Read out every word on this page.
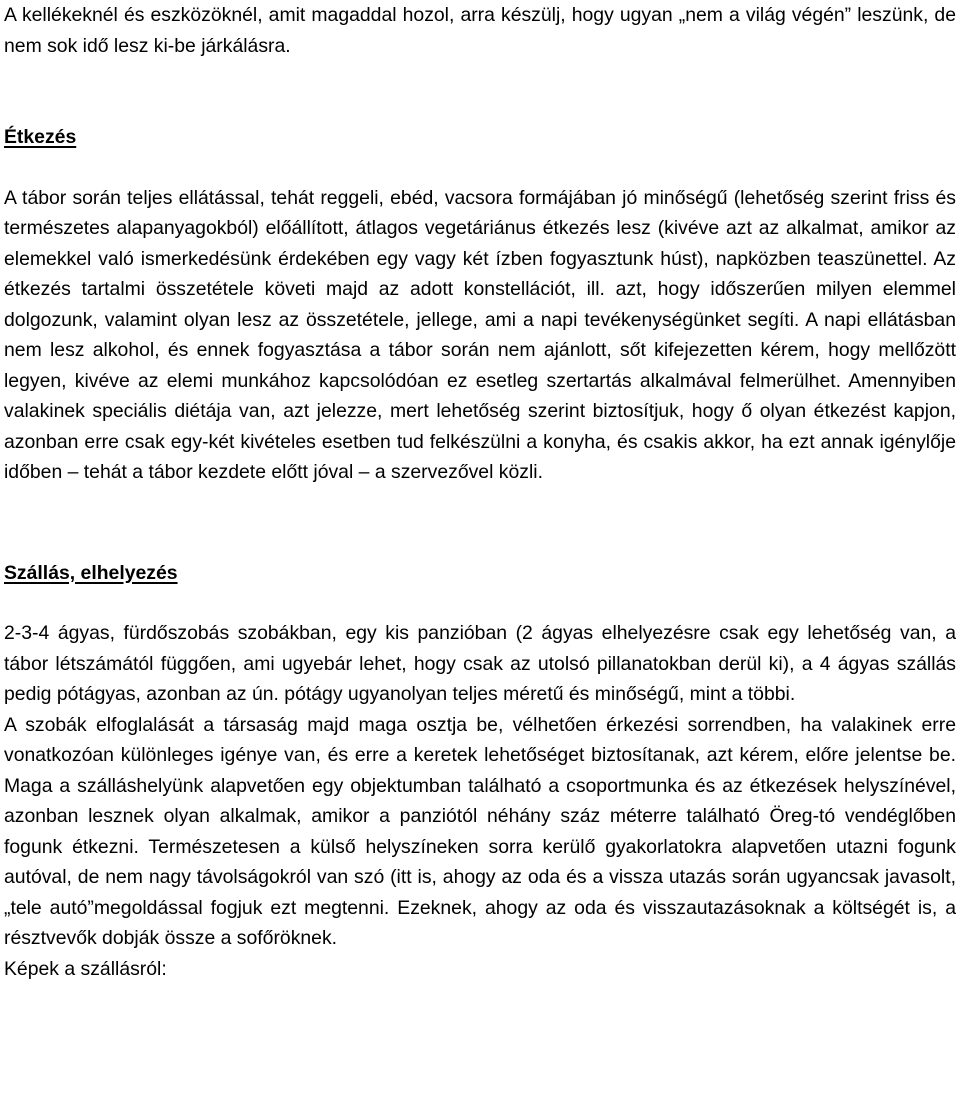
A kellékeknél és eszközöknél, amit magaddal hozol, arra készülj, hogy ugyan „nem a világ végén” leszünk, de nem sok idő lesz ki-be járkálásra.

Étkezés

A tábor során teljes ellátással, tehát reggeli, ebéd, vacsora formájában jó minőségű (lehetőség szerint friss és természetes alapanyagokból) előállított, átlagos vegetáriánus étkezés lesz (kivéve azt az alkalmat, amikor az elemekkel való ismerkedésünk érdekében egy vagy két ízben fogyasztunk húst), napközben teaszünettel. Az étkezés tartalmi összetétele követi majd az adott konstellációt, ill. azt, hogy időszerűen milyen elemmel dolgozunk, valamint olyan lesz az összetétele, jellege, ami a napi tevékenységünket segíti. A napi ellátásban nem lesz alkohol, és ennek fogyasztása a tábor során nem ajánlott, sőt kifejezetten kérem, hogy mellőzött legyen, kivéve az elemi munkához kapcsolódóan ez esetleg szertartás alkalmával felmerülhet. Amennyiben valakinek speciális diétája van, azt jelezze, mert lehetőség szerint biztosítjuk, hogy ő olyan étkezést kapjon, azonban erre csak egy-két kivételes esetben tud felkészülni a konyha, és csakis akkor, ha ezt annak igénylője időben – tehát a tábor kezdete előtt jóval – a szervezővel közli.

Szállás, elhelyezés

2-3-4 ágyas, fürdőszobás szobákban, egy kis panzióban (2 ágyas elhelyezésre csak egy lehetőség van, a tábor létszámától függően, ami ugyebár lehet, hogy csak az utolsó pillanatokban derül ki), a 4 ágyas szállás pedig pótágyas, azonban az ún. pótágy ugyanolyan teljes méretű és minőségű, mint a többi.

A szobák elfoglalását a társaság majd maga osztja be, vélhetően érkezési sorrendben, ha valakinek erre vonatkozóan különleges igénye van, és erre a keretek lehetőséget biztosítanak, azt kérem, előre jelentse be. Maga a szálláshelyünk alapvetően egy objektumban található a csoportmunka és az étkezések helyszínével, azonban lesznek olyan alkalmak, amikor a panziótól néhány száz méterre található Öreg-tó vendéglőben fogunk étkezni. Természetesen a külső helyszíneken sorra kerülő gyakorlatokra alapvetően utazni fogunk autóval, de nem nagy távolságokról van szó (itt is, ahogy az oda és a vissza utazás során ugyancsak javasolt, „tele autó”megoldással fogjuk ezt megtenni. Ezeknek, ahogy az oda és visszautazásoknak a költségét is, a résztvevők dobják össze a sofőröknek.

Képek a szállásról:
